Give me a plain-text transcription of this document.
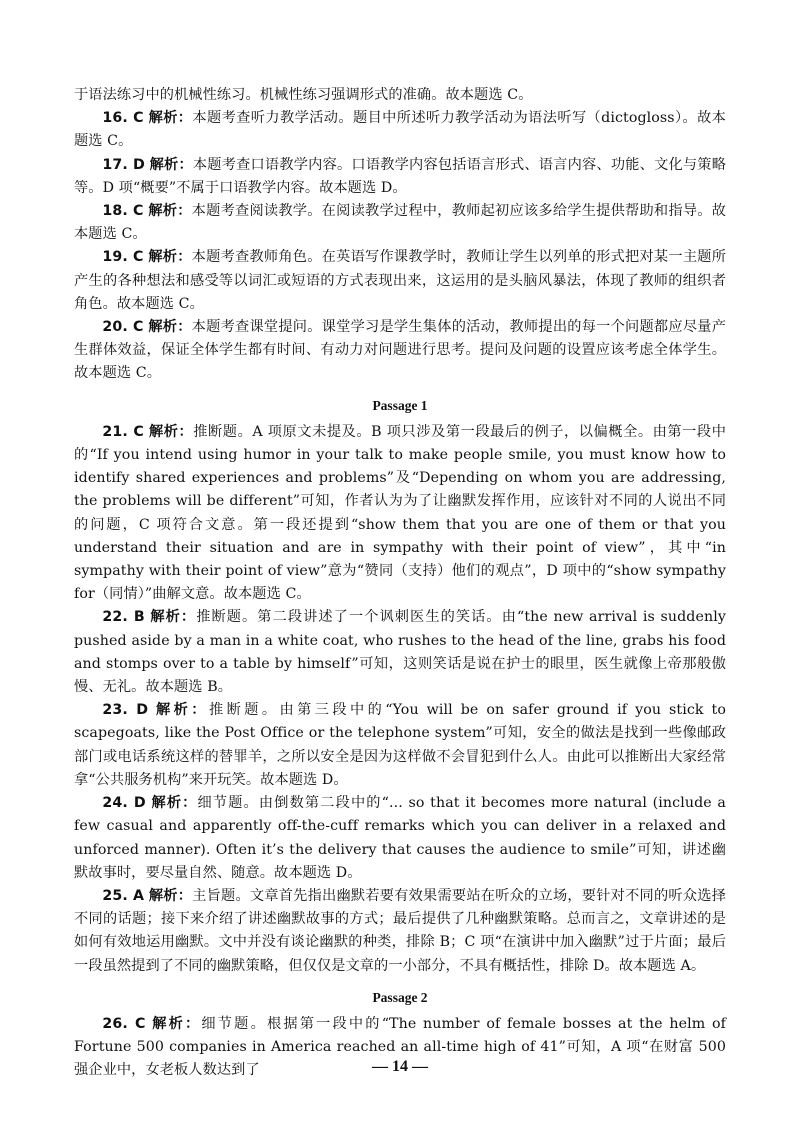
于语法练习中的机械性练习。机械性练习强调形式的准确。故本题选 C。

16. C 解析：本题考查听力教学活动。题目中所述听力教学活动为语法听写（dictogloss）。故本题选 C。

17. D 解析：本题考查口语教学内容。口语教学内容包括语言形式、语言内容、功能、文化与策略等。D 项“概要”不属于口语教学内容。故本题选 D。

18. C 解析：本题考查阅读教学。在阅读教学过程中，教师起初应该多给学生提供帮助和指导。故本题选 C。

19. C 解析：本题考查教师角色。在英语写作课教学时，教师让学生以列单的形式把对某一主题所产生的各种想法和感受等以词汇或短语的方式表现出来，这运用的是头脑风暴法，体现了教师的组织者角色。故本题选 C。

20. C 解析：本题考查课堂提问。课堂学习是学生集体的活动，教师提出的每一个问题都应尽量产生群体效益，保证全体学生都有时间、有动力对问题进行思考。提问及问题的设置应该考虑全体学生。故本题选 C。

Passage 1

21. C 解析：推断题。A 项原文未提及。B 项只涉及第一段最后的例子，以偏概全。由第一段中的“If you intend using humor in your talk to make people smile, you must know how to identify shared experiences and problems”及“Depending on whom you are addressing, the problems will be different”可知，作者认为为了让幽默发挥作用，应该针对不同的人说出不同的问题，C 项符合文意。第一段还提到“show them that you are one of them or that you understand their situation and are in sympathy with their point of view”，其中“in sympathy with their point of view”意为“赞同（支持）他们的观点”，D 项中的“show sympathy for（同情）”曲解文意。故本题选 C。

22. B 解析：推断题。第二段讲述了一个讽刺医生的笑话。由“the new arrival is suddenly pushed aside by a man in a white coat, who rushes to the head of the line, grabs his food and stomps over to a table by himself”可知，这则笑话是说在护士的眼里，医生就像上帝那般傲慢、无礼。故本题选 B。

23. D 解析：推断题。由第三段中的“You will be on safer ground if you stick to scapegoats, like the Post Office or the telephone system”可知，安全的做法是找到一些像邮政部门或电话系统这样的替罪羊，之所以安全是因为这样做不会冒犯到什么人。由此可以推断出大家经常拿“公共服务机构”来开玩笑。故本题选 D。

24. D 解析：细节题。由倒数第二段中的“... so that it becomes more natural (include a few casual and apparently off-the-cuff remarks which you can deliver in a relaxed and unforced manner). Often it’s the delivery that causes the audience to smile”可知，讲述幽默故事时，要尽量自然、随意。故本题选 D。

25. A 解析：主旨题。文章首先指出幽默若要有效果需要站在听众的立场，要针对不同的听众选择不同的话题；接下来介绍了讲述幽默故事的方式；最后提供了几种幽默策略。总而言之，文章讲述的是如何有效地运用幽默。文中并没有谈论幽默的种类，排除 B；C 项“在演讲中加入幽默”过于片面；最后一段虽然提到了不同的幽默策略，但仅仅是文章的一小部分，不具有概括性，排除 D。故本题选 A。

Passage 2

26. C 解析：细节题。根据第一段中的“The number of female bosses at the helm of Fortune 500 companies in America reached an all-time high of 41”可知，A 项“在财富 500 强企业中，女老板人数达到了	— 14 —
